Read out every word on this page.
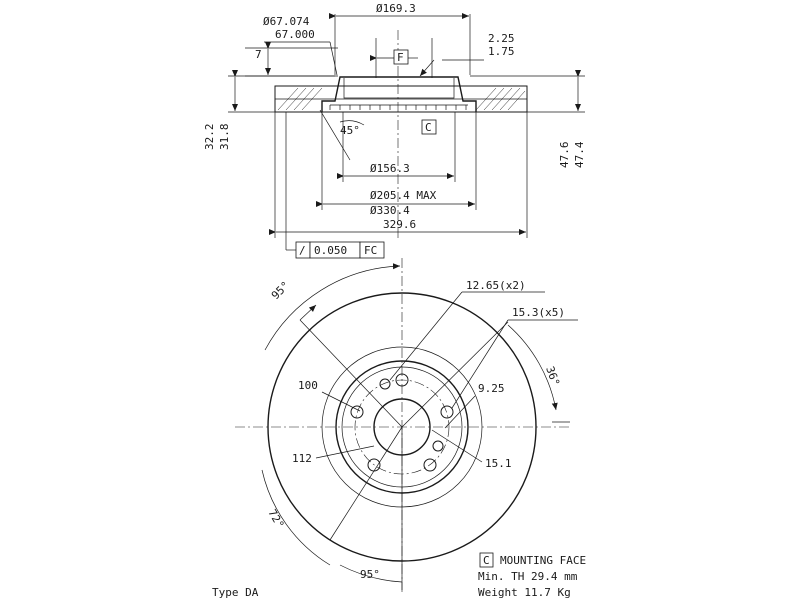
Ø169.3
Ø67.074
67.000
F
2.25
1.75
7
45°	C
32.2 31.8
47.6 47.4
Ø156.3
Ø205.4 MAX
Ø330.4
329.6
/ 0.050 FC
95°
72°
95°
36°
12.65(x2)
15.3(x5)
100
112
9.25
15.1
C MOUNTING FACE
Min. TH 29.4 mm
Weight 11.7 Kg
Type DA
